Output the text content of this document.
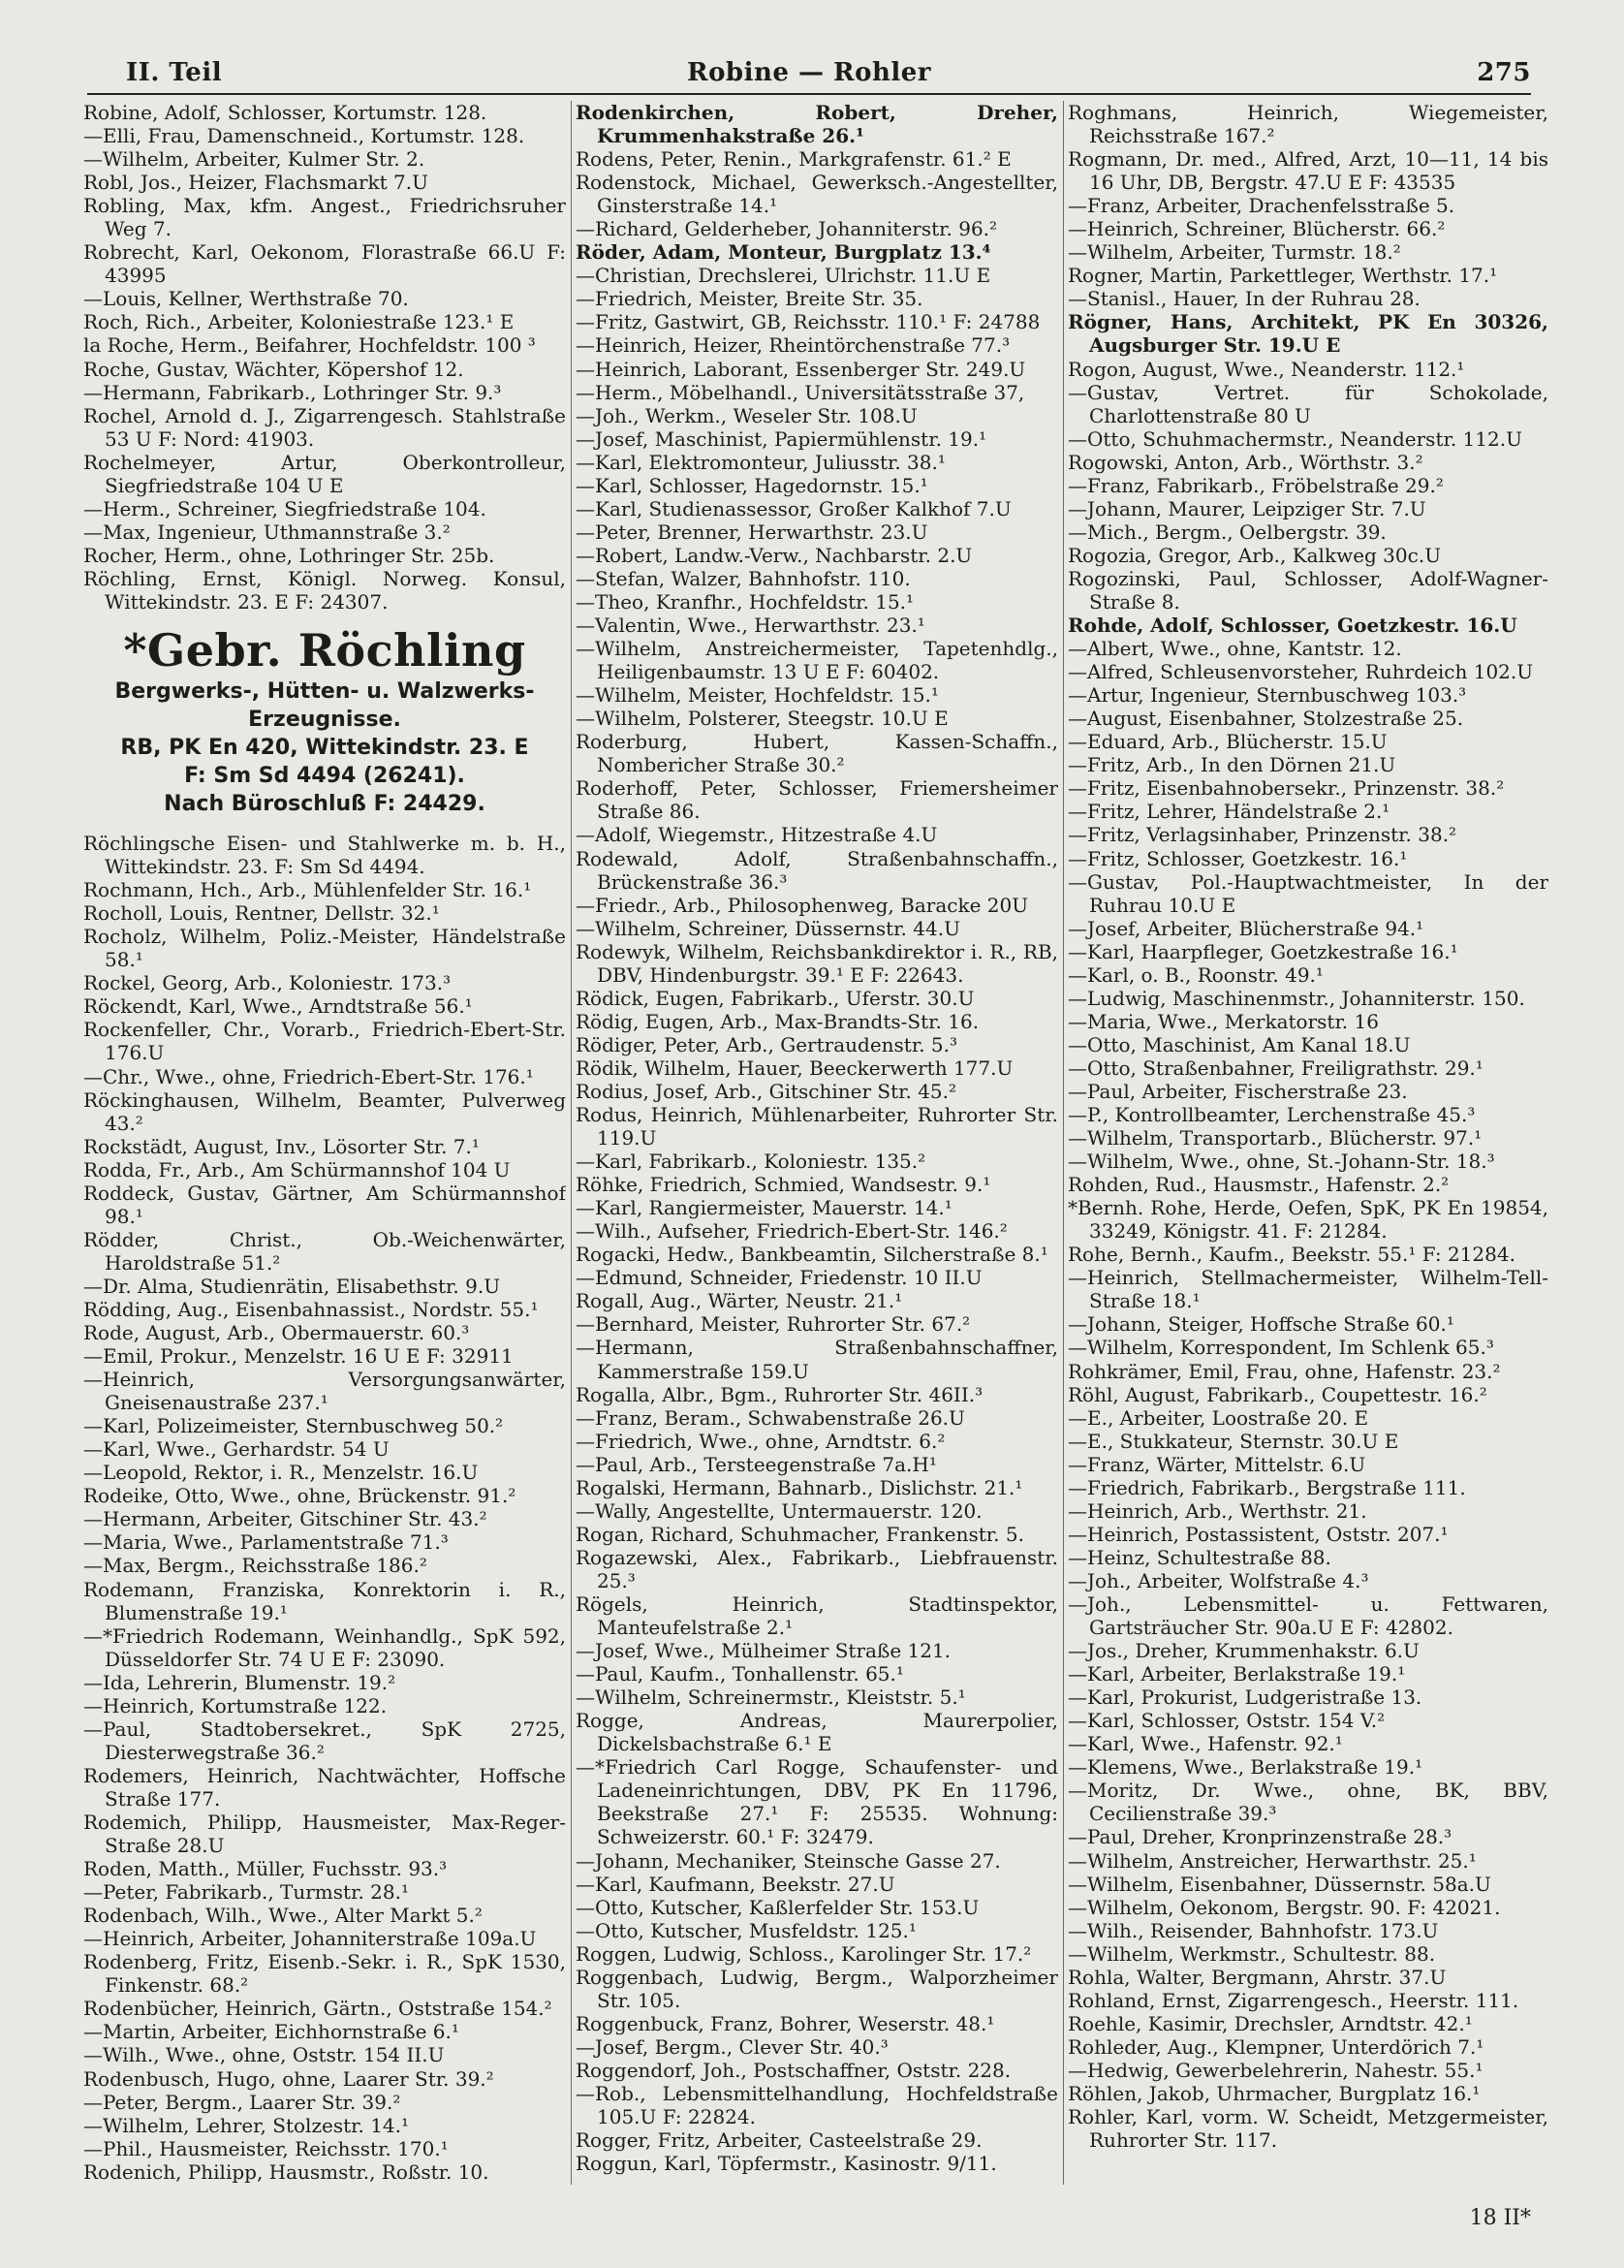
II. Teil	Robine — Rohler	275
Robine, Adolf, Schlosser, Kortumstr. 128.
—Elli, Frau, Damenschneid., Kortumstr. 128.
—Wilhelm, Arbeiter, Kulmer Str. 2.
Robl, Jos., Heizer, Flachsmarkt 7.U
Robling, Max, kfm. Angest., Friedrichsruher Weg 7.
Robrecht, Karl, Oekonom, Florastraße 66.U F: 43995
—Louis, Kellner, Werthstraße 70.
Roch, Rich., Arbeiter, Koloniestraße 123.¹ E
la Roche, Herm., Beifahrer, Hochfeldstr. 100 ³
Roche, Gustav, Wächter, Köpershof 12.
—Hermann, Fabrikarb., Lothringer Str. 9.³
Rochel, Arnold d. J., Zigarrengesch. Stahlstraße 53 U F: Nord: 41903.
Rochelmeyer, Artur, Oberkontrolleur, Siegfriedstraße 104 U E
—Herm., Schreiner, Siegfriedstraße 104.
—Max, Ingenieur, Uthmannstraße 3.²
Rocher, Herm., ohne, Lothringer Str. 25b.
Röchling, Ernst, Königl. Norweg. Konsul, Wittekindstr. 23. E F: 24307.
*Gebr. Röchling
Bergwerks-, Hütten- u. Walzwerks-
Erzeugnisse.
RB, PK En 420, Wittekindstr. 23. E
F: Sm Sd 4494 (26241).
Nach Büroschluß F: 24429.
Röchlingsche Eisen- und Stahlwerke m. b. H., Wittekindstr. 23. F: Sm Sd 4494.
Rochmann, Hch., Arb., Mühlenfelder Str. 16.¹
Rocholl, Louis, Rentner, Dellstr. 32.¹
Rocholz, Wilhelm, Poliz.-Meister, Händelstraße 58.¹
Rockel, Georg, Arb., Koloniestr. 173.³
Röckendt, Karl, Wwe., Arndtstraße 56.¹
Rockenfeller, Chr., Vorarb., Friedrich-Ebert-Str. 176.U
—Chr., Wwe., ohne, Friedrich-Ebert-Str. 176.¹
Röckinghausen, Wilhelm, Beamter, Pulverweg 43.²
Rockstädt, August, Inv., Lösorter Str. 7.¹
Rodda, Fr., Arb., Am Schürmannshof 104 U
Roddeck, Gustav, Gärtner, Am Schürmannshof 98.¹
Rödder, Christ., Ob.-Weichenwärter, Haroldstraße 51.²
—Dr. Alma, Studienrätin, Elisabethstr. 9.U
Rödding, Aug., Eisenbahnassist., Nordstr. 55.¹
Rode, August, Arb., Obermauerstr. 60.³
—Emil, Prokur., Menzelstr. 16 U E F: 32911
—Heinrich, Versorgungsanwärter, Gneisenaustraße 237.¹
—Karl, Polizeimeister, Sternbuschweg 50.²
—Karl, Wwe., Gerhardstr. 54 U
—Leopold, Rektor, i. R., Menzelstr. 16.U
Rodeike, Otto, Wwe., ohne, Brückenstr. 91.²
—Hermann, Arbeiter, Gitschiner Str. 43.²
—Maria, Wwe., Parlamentstraße 71.³
—Max, Bergm., Reichsstraße 186.²
Rodemann, Franziska, Konrektorin i. R., Blumenstraße 19.¹
—*Friedrich Rodemann, Weinhandlg., SpK 592, Düsseldorfer Str. 74 U E F: 23090.
—Ida, Lehrerin, Blumenstr. 19.²
—Heinrich, Kortumstraße 122.
—Paul, Stadtobersekret., SpK 2725, Diesterwegstraße 36.²
Rodemers, Heinrich, Nachtwächter, Hoffsche Straße 177.
Rodemich, Philipp, Hausmeister, Max-Reger-Straße 28.U
Roden, Matth., Müller, Fuchsstr. 93.³
—Peter, Fabrikarb., Turmstr. 28.¹
Rodenbach, Wilh., Wwe., Alter Markt 5.²
—Heinrich, Arbeiter, Johanniterstraße 109a.U
Rodenberg, Fritz, Eisenb.-Sekr. i. R., SpK 1530, Finkenstr. 68.²
Rodenbücher, Heinrich, Gärtn., Oststraße 154.²
—Martin, Arbeiter, Eichhornstraße 6.¹
—Wilh., Wwe., ohne, Oststr. 154 II.U
Rodenbusch, Hugo, ohne, Laarer Str. 39.²
—Peter, Bergm., Laarer Str. 39.²
—Wilhelm, Lehrer, Stolzestr. 14.¹
—Phil., Hausmeister, Reichsstr. 170.¹
Rodenich, Philipp, Hausmstr., Roßstr. 10.
Rodenkirchen, Robert, Dreher, Krummenhakstraße 26.¹
Rodens, Peter, Renin., Markgrafenstr. 61.² E
Rodenstock, Michael, Gewerksch.-Angestellter, Ginsterstraße 14.¹
—Richard, Gelderheber, Johanniterstr. 96.²
Röder, Adam, Monteur, Burgplatz 13.⁴
—Christian, Drechslerei, Ulrichstr. 11.U E
—Friedrich, Meister, Breite Str. 35.
—Fritz, Gastwirt, GB, Reichsstr. 110.¹ F: 24788
—Heinrich, Heizer, Rheintörchenstraße 77.³
—Heinrich, Laborant, Essenberger Str. 249.U
—Herm., Möbelhandl., Universitätsstraße 37,
—Joh., Werkm., Weseler Str. 108.U
—Josef, Maschinist, Papiermühlenstr. 19.¹
—Karl, Elektromonteur, Juliusstr. 38.¹
—Karl, Schlosser, Hagedornstr. 15.¹
—Karl, Studienassessor, Großer Kalkhof 7.U
—Peter, Brenner, Herwarthstr. 23.U
—Robert, Landw.-Verw., Nachbarstr. 2.U
—Stefan, Walzer, Bahnhofstr. 110.
—Theo, Kranfhr., Hochfeldstr. 15.¹
—Valentin, Wwe., Herwarthstr. 23.¹
—Wilhelm, Anstreichermeister, Tapetenhdlg., Heiligenbaumstr. 13 U E F: 60402.
—Wilhelm, Meister, Hochfeldstr. 15.¹
—Wilhelm, Polsterer, Steegstr. 10.U E
Roderburg, Hubert, Kassen-Schaffn., Nombericher Straße 30.²
Roderhoff, Peter, Schlosser, Friemersheimer Straße 86.
—Adolf, Wiegemstr., Hitzestraße 4.U
Rodewald, Adolf, Straßenbahnschaffn., Brückenstraße 36.³
—Friedr., Arb., Philosophenweg, Baracke 20U
—Wilhelm, Schreiner, Düssernstr. 44.U
Rodewyk, Wilhelm, Reichsbankdirektor i. R., RB, DBV, Hindenburgstr. 39.¹ E F: 22643.
Rödick, Eugen, Fabrikarb., Uferstr. 30.U
Rödig, Eugen, Arb., Max-Brandts-Str. 16.
Rödiger, Peter, Arb., Gertraudenstr. 5.³
Rödik, Wilhelm, Hauer, Beeckerwerth 177.U
Rodius, Josef, Arb., Gitschiner Str. 45.²
Rodus, Heinrich, Mühlenarbeiter, Ruhrorter Str. 119.U
—Karl, Fabrikarb., Koloniestr. 135.²
Röhke, Friedrich, Schmied, Wandsestr. 9.¹
—Karl, Rangiermeister, Mauerstr. 14.¹
—Wilh., Aufseher, Friedrich-Ebert-Str. 146.²
Rogacki, Hedw., Bankbeamtin, Silcherstraße 8.¹
—Edmund, Schneider, Friedenstr. 10 II.U
Rogall, Aug., Wärter, Neustr. 21.¹
—Bernhard, Meister, Ruhrorter Str. 67.²
—Hermann, Straßenbahnschaffner, Kammerstraße 159.U
Rogalla, Albr., Bgm., Ruhrorter Str. 46II.³
—Franz, Beram., Schwabenstraße 26.U
—Friedrich, Wwe., ohne, Arndtstr. 6.²
—Paul, Arb., Tersteegenstraße 7a.H¹
Rogalski, Hermann, Bahnarb., Dislichstr. 21.¹
—Wally, Angestellte, Untermauerstr. 120.
Rogan, Richard, Schuhmacher, Frankenstr. 5.
Rogazewski, Alex., Fabrikarb., Liebfrauenstr. 25.³
Rögels, Heinrich, Stadtinspektor, Manteufelstraße 2.¹
—Josef, Wwe., Mülheimer Straße 121.
—Paul, Kaufm., Tonhallenstr. 65.¹
—Wilhelm, Schreinermstr., Kleiststr. 5.¹
Rogge, Andreas, Maurerpolier, Dickelsbachstraße 6.¹ E
—*Friedrich Carl Rogge, Schaufenster- und Ladeneinrichtungen, DBV, PK En 11796, Beekstraße 27.¹ F: 25535. Wohnung: Schweizerstr. 60.¹ F: 32479.
—Johann, Mechaniker, Steinsche Gasse 27.
—Karl, Kaufmann, Beekstr. 27.U
—Otto, Kutscher, Kaßlerfelder Str. 153.U
—Otto, Kutscher, Musfeldstr. 125.¹
Roggen, Ludwig, Schloss., Karolinger Str. 17.²
Roggenbach, Ludwig, Bergm., Walporzheimer Str. 105.
Roggenbuck, Franz, Bohrer, Weserstr. 48.¹
—Josef, Bergm., Clever Str. 40.³
Roggendorf, Joh., Postschaffner, Oststr. 228.
—Rob., Lebensmittelhandlung, Hochfeldstraße 105.U F: 22824.
Rogger, Fritz, Arbeiter, Casteelstraße 29.
Roggun, Karl, Töpfermstr., Kasinostr. 9/11.
Roghmans, Heinrich, Wiegemeister, Reichsstraße 167.²
Rogmann, Dr. med., Alfred, Arzt, 10—11, 14 bis 16 Uhr, DB, Bergstr. 47.U E F: 43535
—Franz, Arbeiter, Drachenfelsstraße 5.
—Heinrich, Schreiner, Blücherstr. 66.²
—Wilhelm, Arbeiter, Turmstr. 18.²
Rogner, Martin, Parkettleger, Werthstr. 17.¹
—Stanisl., Hauer, In der Ruhrau 28.
Rögner, Hans, Architekt, PK En 30326, Augsburger Str. 19.U E
Rogon, August, Wwe., Neanderstr. 112.¹
—Gustav, Vertret. für Schokolade, Charlottenstraße 80 U
—Otto, Schuhmachermstr., Neanderstr. 112.U
Rogowski, Anton, Arb., Wörthstr. 3.²
—Franz, Fabrikarb., Fröbelstraße 29.²
—Johann, Maurer, Leipziger Str. 7.U
—Mich., Bergm., Oelbergstr. 39.
Rogozia, Gregor, Arb., Kalkweg 30c.U
Rogozinski, Paul, Schlosser, Adolf-Wagner-Straße 8.
Rohde, Adolf, Schlosser, Goetzkestr. 16.U
—Albert, Wwe., ohne, Kantstr. 12.
—Alfred, Schleusenvorsteher, Ruhrdeich 102.U
—Artur, Ingenieur, Sternbuschweg 103.³
—August, Eisenbahner, Stolzestraße 25.
—Eduard, Arb., Blücherstr. 15.U
—Fritz, Arb., In den Dörnen 21.U
—Fritz, Eisenbahnobersekr., Prinzenstr. 38.²
—Fritz, Lehrer, Händelstraße 2.¹
—Fritz, Verlagsinhaber, Prinzenstr. 38.²
—Fritz, Schlosser, Goetzkestr. 16.¹
—Gustav, Pol.-Hauptwachtmeister, In der Ruhrau 10.U E
—Josef, Arbeiter, Blücherstraße 94.¹
—Karl, Haarpfleger, Goetzkestraße 16.¹
—Karl, o. B., Roonstr. 49.¹
—Ludwig, Maschinenmstr., Johanniterstr. 150.
—Maria, Wwe., Merkatorstr. 16
—Otto, Maschinist, Am Kanal 18.U
—Otto, Straßenbahner, Freiligrathstr. 29.¹
—Paul, Arbeiter, Fischerstraße 23.
—P., Kontrollbeamter, Lerchenstraße 45.³
—Wilhelm, Transportarb., Blücherstr. 97.¹
—Wilhelm, Wwe., ohne, St.-Johann-Str. 18.³
Rohden, Rud., Hausmstr., Hafenstr. 2.²
*Bernh. Rohe, Herde, Oefen, SpK, PK En 19854, 33249, Königstr. 41. F: 21284.
Rohe, Bernh., Kaufm., Beekstr. 55.¹ F: 21284.
—Heinrich, Stellmachermeister, Wilhelm-Tell-Straße 18.¹
—Johann, Steiger, Hoffsche Straße 60.¹
—Wilhelm, Korrespondent, Im Schlenk 65.³
Rohkrämer, Emil, Frau, ohne, Hafenstr. 23.²
Röhl, August, Fabrikarb., Coupettestr. 16.²
—E., Arbeiter, Loostraße 20. E
—E., Stukkateur, Sternstr. 30.U E
—Franz, Wärter, Mittelstr. 6.U
—Friedrich, Fabrikarb., Bergstraße 111.
—Heinrich, Arb., Werthstr. 21.
—Heinrich, Postassistent, Oststr. 207.¹
—Heinz, Schultestraße 88.
—Joh., Arbeiter, Wolfstraße 4.³
—Joh., Lebensmittel- u. Fettwaren, Gartsträucher Str. 90a.U E F: 42802.
—Jos., Dreher, Krummenhakstr. 6.U
—Karl, Arbeiter, Berlakstraße 19.¹
—Karl, Prokurist, Ludgeristraße 13.
—Karl, Schlosser, Oststr. 154 V.²
—Karl, Wwe., Hafenstr. 92.¹
—Klemens, Wwe., Berlakstraße 19.¹
—Moritz, Dr. Wwe., ohne, BK, BBV, Cecilienstraße 39.³
—Paul, Dreher, Kronprinzenstraße 28.³
—Wilhelm, Anstreicher, Herwarthstr. 25.¹
—Wilhelm, Eisenbahner, Düssernstr. 58a.U
—Wilhelm, Oekonom, Bergstr. 90. F: 42021.
—Wilh., Reisender, Bahnhofstr. 173.U
—Wilhelm, Werkmstr., Schultestr. 88.
Rohla, Walter, Bergmann, Ahrstr. 37.U
Rohland, Ernst, Zigarrengesch., Heerstr. 111.
Roehle, Kasimir, Drechsler, Arndtstr. 42.¹
Rohleder, Aug., Klempner, Unterdörich 7.¹
—Hedwig, Gewerbelehrerin, Nahestr. 55.¹
Röhlen, Jakob, Uhrmacher, Burgplatz 16.¹
Rohler, Karl, vorm. W. Scheidt, Metzgermeister, Ruhrorter Str. 117.
18 II*
